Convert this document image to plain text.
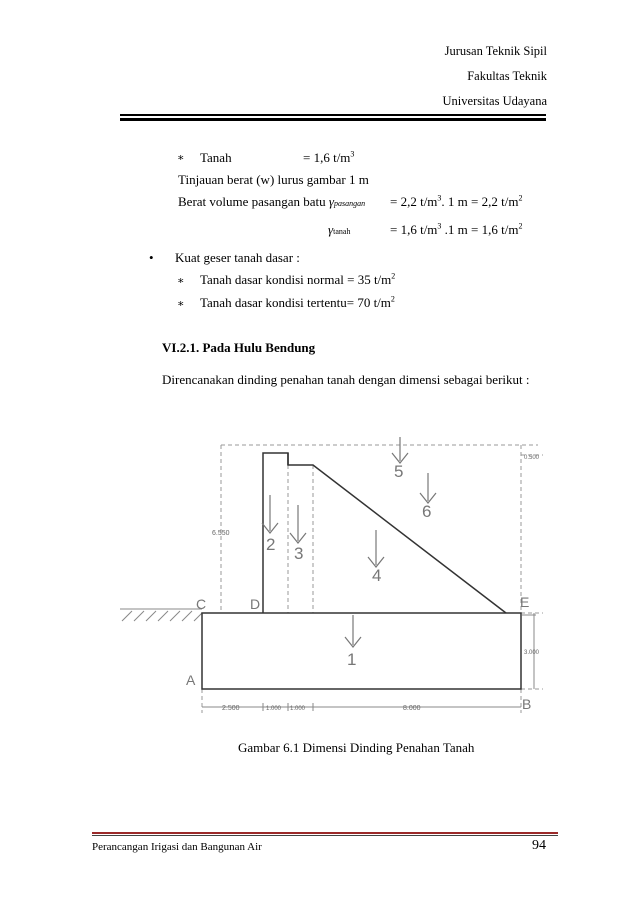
Jurusan Teknik Sipil
Fakultas Teknik
Universitas Udayana
∗ Tanah	= 1,6 $t/m^3$
Tinjauan berat (w) lurus gambar 1 m
Berat volume pasangan batu γpasangan = 2,2 $t/m^3$. 1 m = 2,2 $t/m^2$
γtanah	= 1,6 $t/m^3$ .1 m = 1,6 $t/m^2$
• Kuat geser tanah dasar :
∗ Tanah dasar kondisi normal = 35 $t/m^2$
∗ Tanah dasar kondisi tertentu= 70 $t/m^2$
VI.2.1. Pada Hulu Bendung
Direncanakan dinding penahan tanah dengan dimensi sebagai berikut :
6.550
0.500
3.000
2.500	1.000 1.000	8.000
A
B
C	D	E
1
2 3
4
5
6
Gambar 6.1 Dimensi Dinding Penahan Tanah
Perancangan Irigasi dan Bangunan Air	94
